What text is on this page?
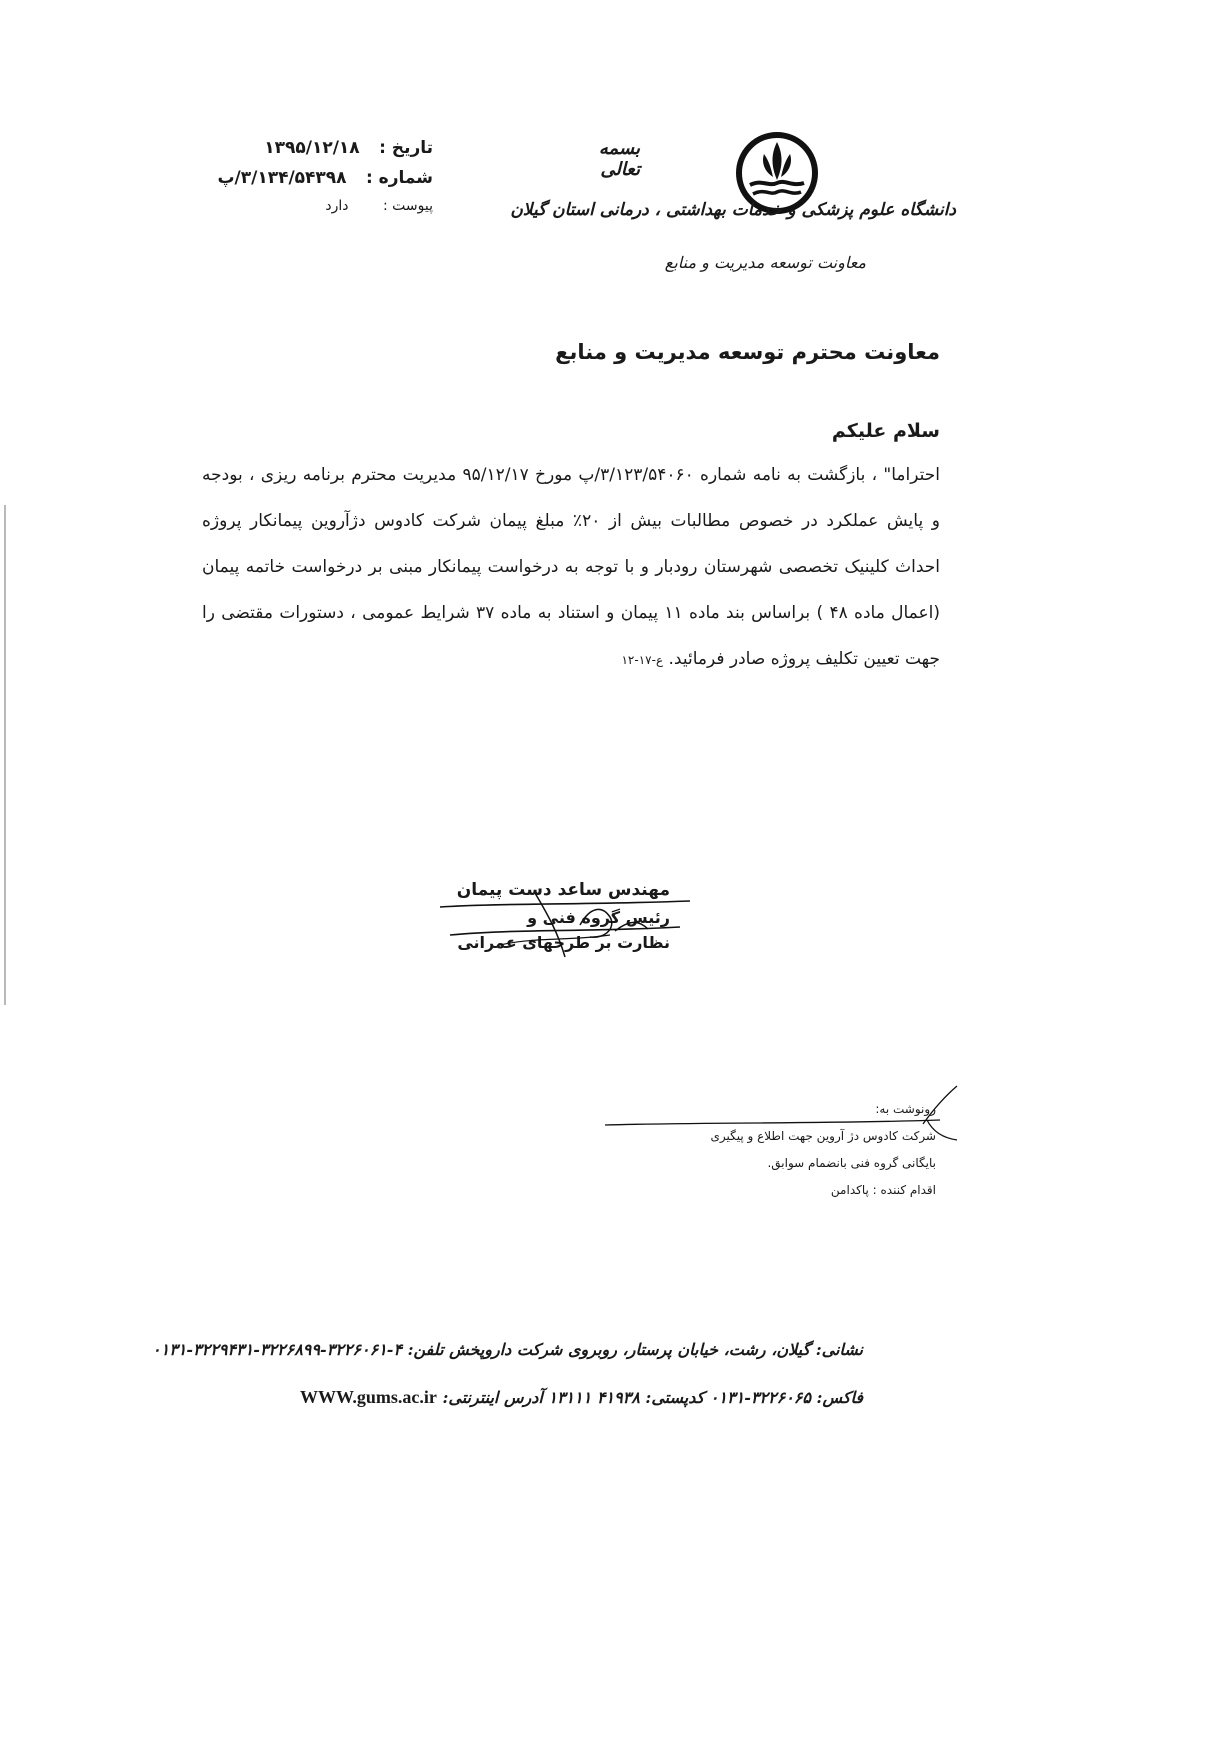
تاریخ : ۱۳۹۵/۱۲/۱۸
شماره : ۳/۱۳۴/۵۴۳۹۸/پ
پیوست : دارد
بسمه تعالی
دانشگاه علوم پزشکی و خدمات بهداشتی ، درمانی استان گیلان
معاونت توسعه مدیریت و منابع
معاونت محترم توسعه مدیریت و منابع
سلام علیکم
احتراما" ، بازگشت به نامه شماره ۳/۱۲۳/۵۴۰۶۰/پ مورخ ۹۵/۱۲/۱۷ مدیریت محترم برنامه ریزی ، بودجه و پایش عملکرد در خصوص مطالبات بیش از ۲۰٪ مبلغ پیمان شرکت کادوس دژآروین پیمانکار پروژه احداث کلینیک تخصصی شهرستان رودبار و با توجه به درخواست پیمانکار مبنی بر درخواست خاتمه پیمان (اعمال ماده ۴۸ ) براساس بند ماده ۱۱ پیمان و استناد به ماده ۳۷ شرایط عمومی ، دستورات مقتضی را جهت تعیین تکلیف پروژه صادر فرمائید. ع-۱۷-۱۲
مهندس ساعد دست پیمان
رئیس گروه فنی و
نظارت بر طرحهای عمرانی
رونوشت به:
شرکت کادوس دژ آروین جهت اطلاع و پیگیری
بایگانی گروه فنی بانضمام سوابق.
اقدام کننده : پاکدامن
نشانی: گیلان، رشت، خیابان پرستار، روبروی شرکت داروپخش تلفن: ۴-۳۲۲۶۰۶۱-۳۲۲۶۸۹۹-۳۲۲۹۴۳۱-۰۱۳۱
فاکس: ۳۲۲۶۰۶۵-۰۱۳۱ کدپستی: ۴۱۹۳۸ ۱۳۱۱۱ آدرس اینترنتی: WWW.gums.ac.ir
